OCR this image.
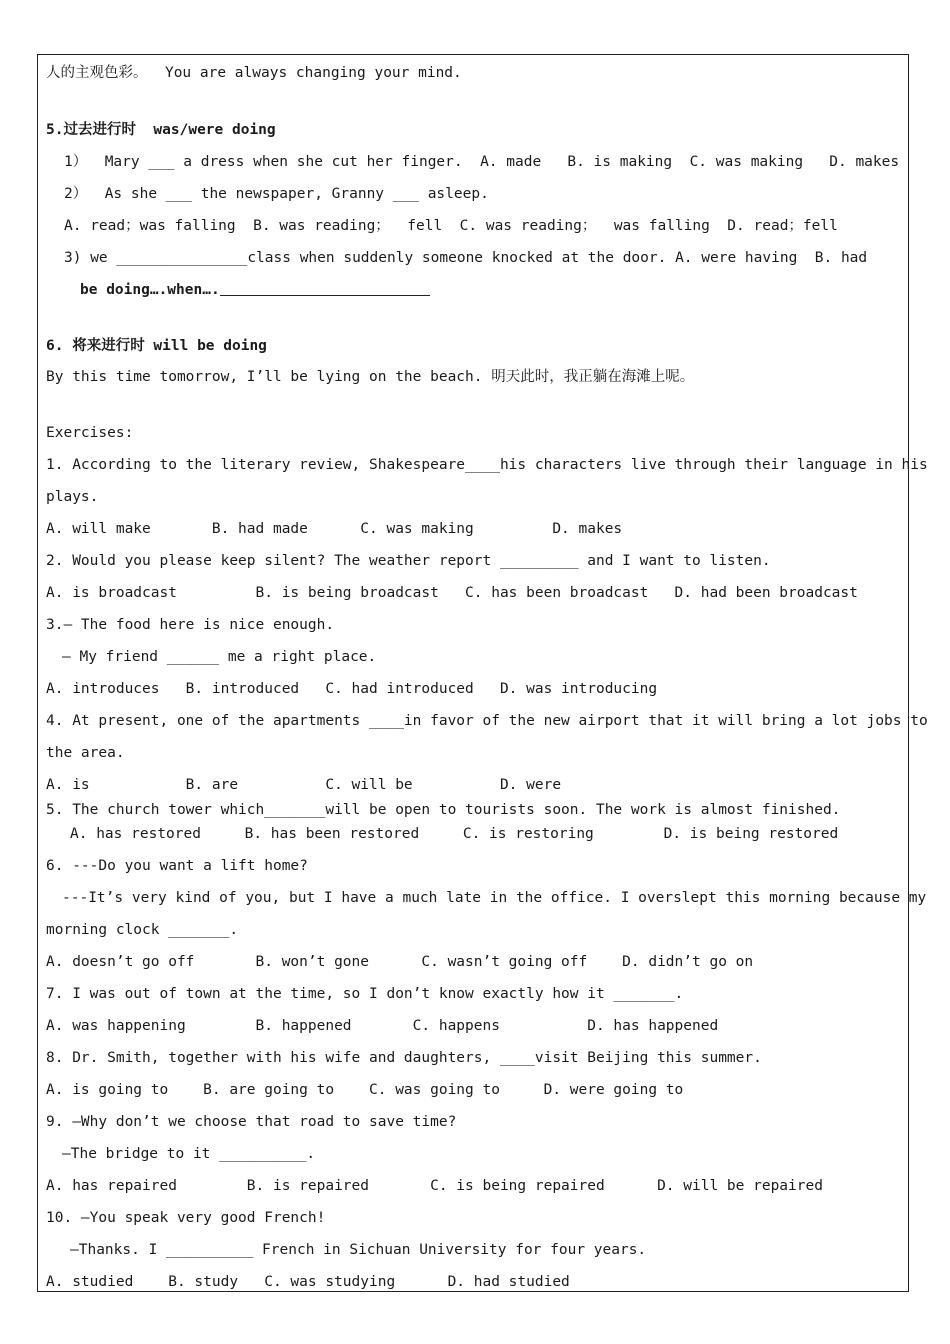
人的主观色彩。  You are always changing your mind.
5.过去进行时  was/were doing
1）  Mary ___ a dress when she cut her finger.  A. made   B. is making  C. was making   D. makes
2）  As she ___ the newspaper, Granny ___ asleep.
A. read；was falling  B. was reading；  fell  C. was reading；  was falling  D. read；fell
3) we _______________class when suddenly someone knocked at the door. A. were having  B. had
be doing….when….
6. 将来进行时 will be doing
By this time tomorrow, I’ll be lying on the beach. 明天此时，我正躺在海滩上呢。
Exercises:
1. According to the literary review, Shakespeare____his characters live through their language in his
plays.
A. will make       B. had made      C. was making         D. makes
2. Would you please keep silent? The weather report _________ and I want to listen.
A. is broadcast         B. is being broadcast   C. has been broadcast   D. had been broadcast
3.— The food here is nice enough.
— My friend ______ me a right place.
A. introduces   B. introduced   C. had introduced   D. was introducing
4. At present, one of the apartments ____in favor of the new airport that it will bring a lot jobs to
the area.
A. is           B. are          C. will be          D. were
5. The church tower which_______will be open to tourists soon. The work is almost finished.
A. has restored     B. has been restored     C. is restoring        D. is being restored
6. ---Do you want a lift home?
---It’s very kind of you, but I have a much late in the office. I overslept this morning because my
morning clock _______.
A. doesn’t go off       B. won’t gone      C. wasn’t going off    D. didn’t go on
7. I was out of town at the time, so I don’t know exactly how it _______.
A. was happening        B. happened       C. happens          D. has happened
8. Dr. Smith, together with his wife and daughters, ____visit Beijing this summer.
A. is going to    B. are going to    C. was going to     D. were going to
9. —Why don’t we choose that road to save time?
—The bridge to it __________.
A. has repaired        B. is repaired       C. is being repaired      D. will be repaired
10. —You speak very good French!
—Thanks. I __________ French in Sichuan University for four years.
A. studied    B. study   C. was studying      D. had studied
